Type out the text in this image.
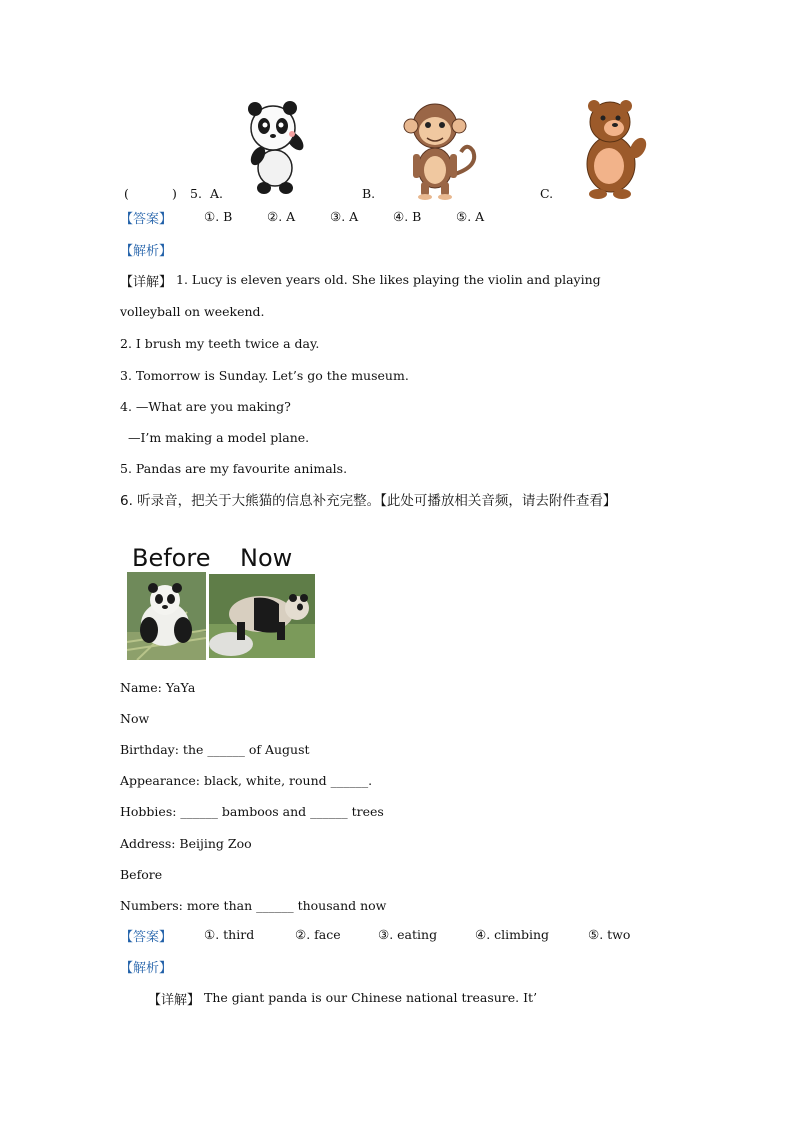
(	) 5. A.	B.	C.
【答案】	①. B	②. A	③. A	④. B	⑤. A
【解析】
【详解】 1. Lucy is eleven years old. She likes playing the violin and playing
volleyball on weekend.
2. I brush my teeth twice a day.
3. Tomorrow is Sunday. Let’s go the museum.
4. —What are you making?
—I’m making a model plane.
5. Pandas are my favourite animals.
6. 听录音，把关于大熊猫的信息补充完整。【此处可播放相关音频，请去附件查看】
Before Now
Name: YaYa
Now
Birthday: the ______ of August
Appearance: black, white, round ______.
Hobbies: ______ bamboos and ______ trees
Address: Beijing Zoo
Before
Numbers: more than ______ thousand now
【答案】	①. third	②. face	③. eating	④. climbing	⑤. two
【解析】
【详解】 The giant panda is our Chinese national treasure. It’
